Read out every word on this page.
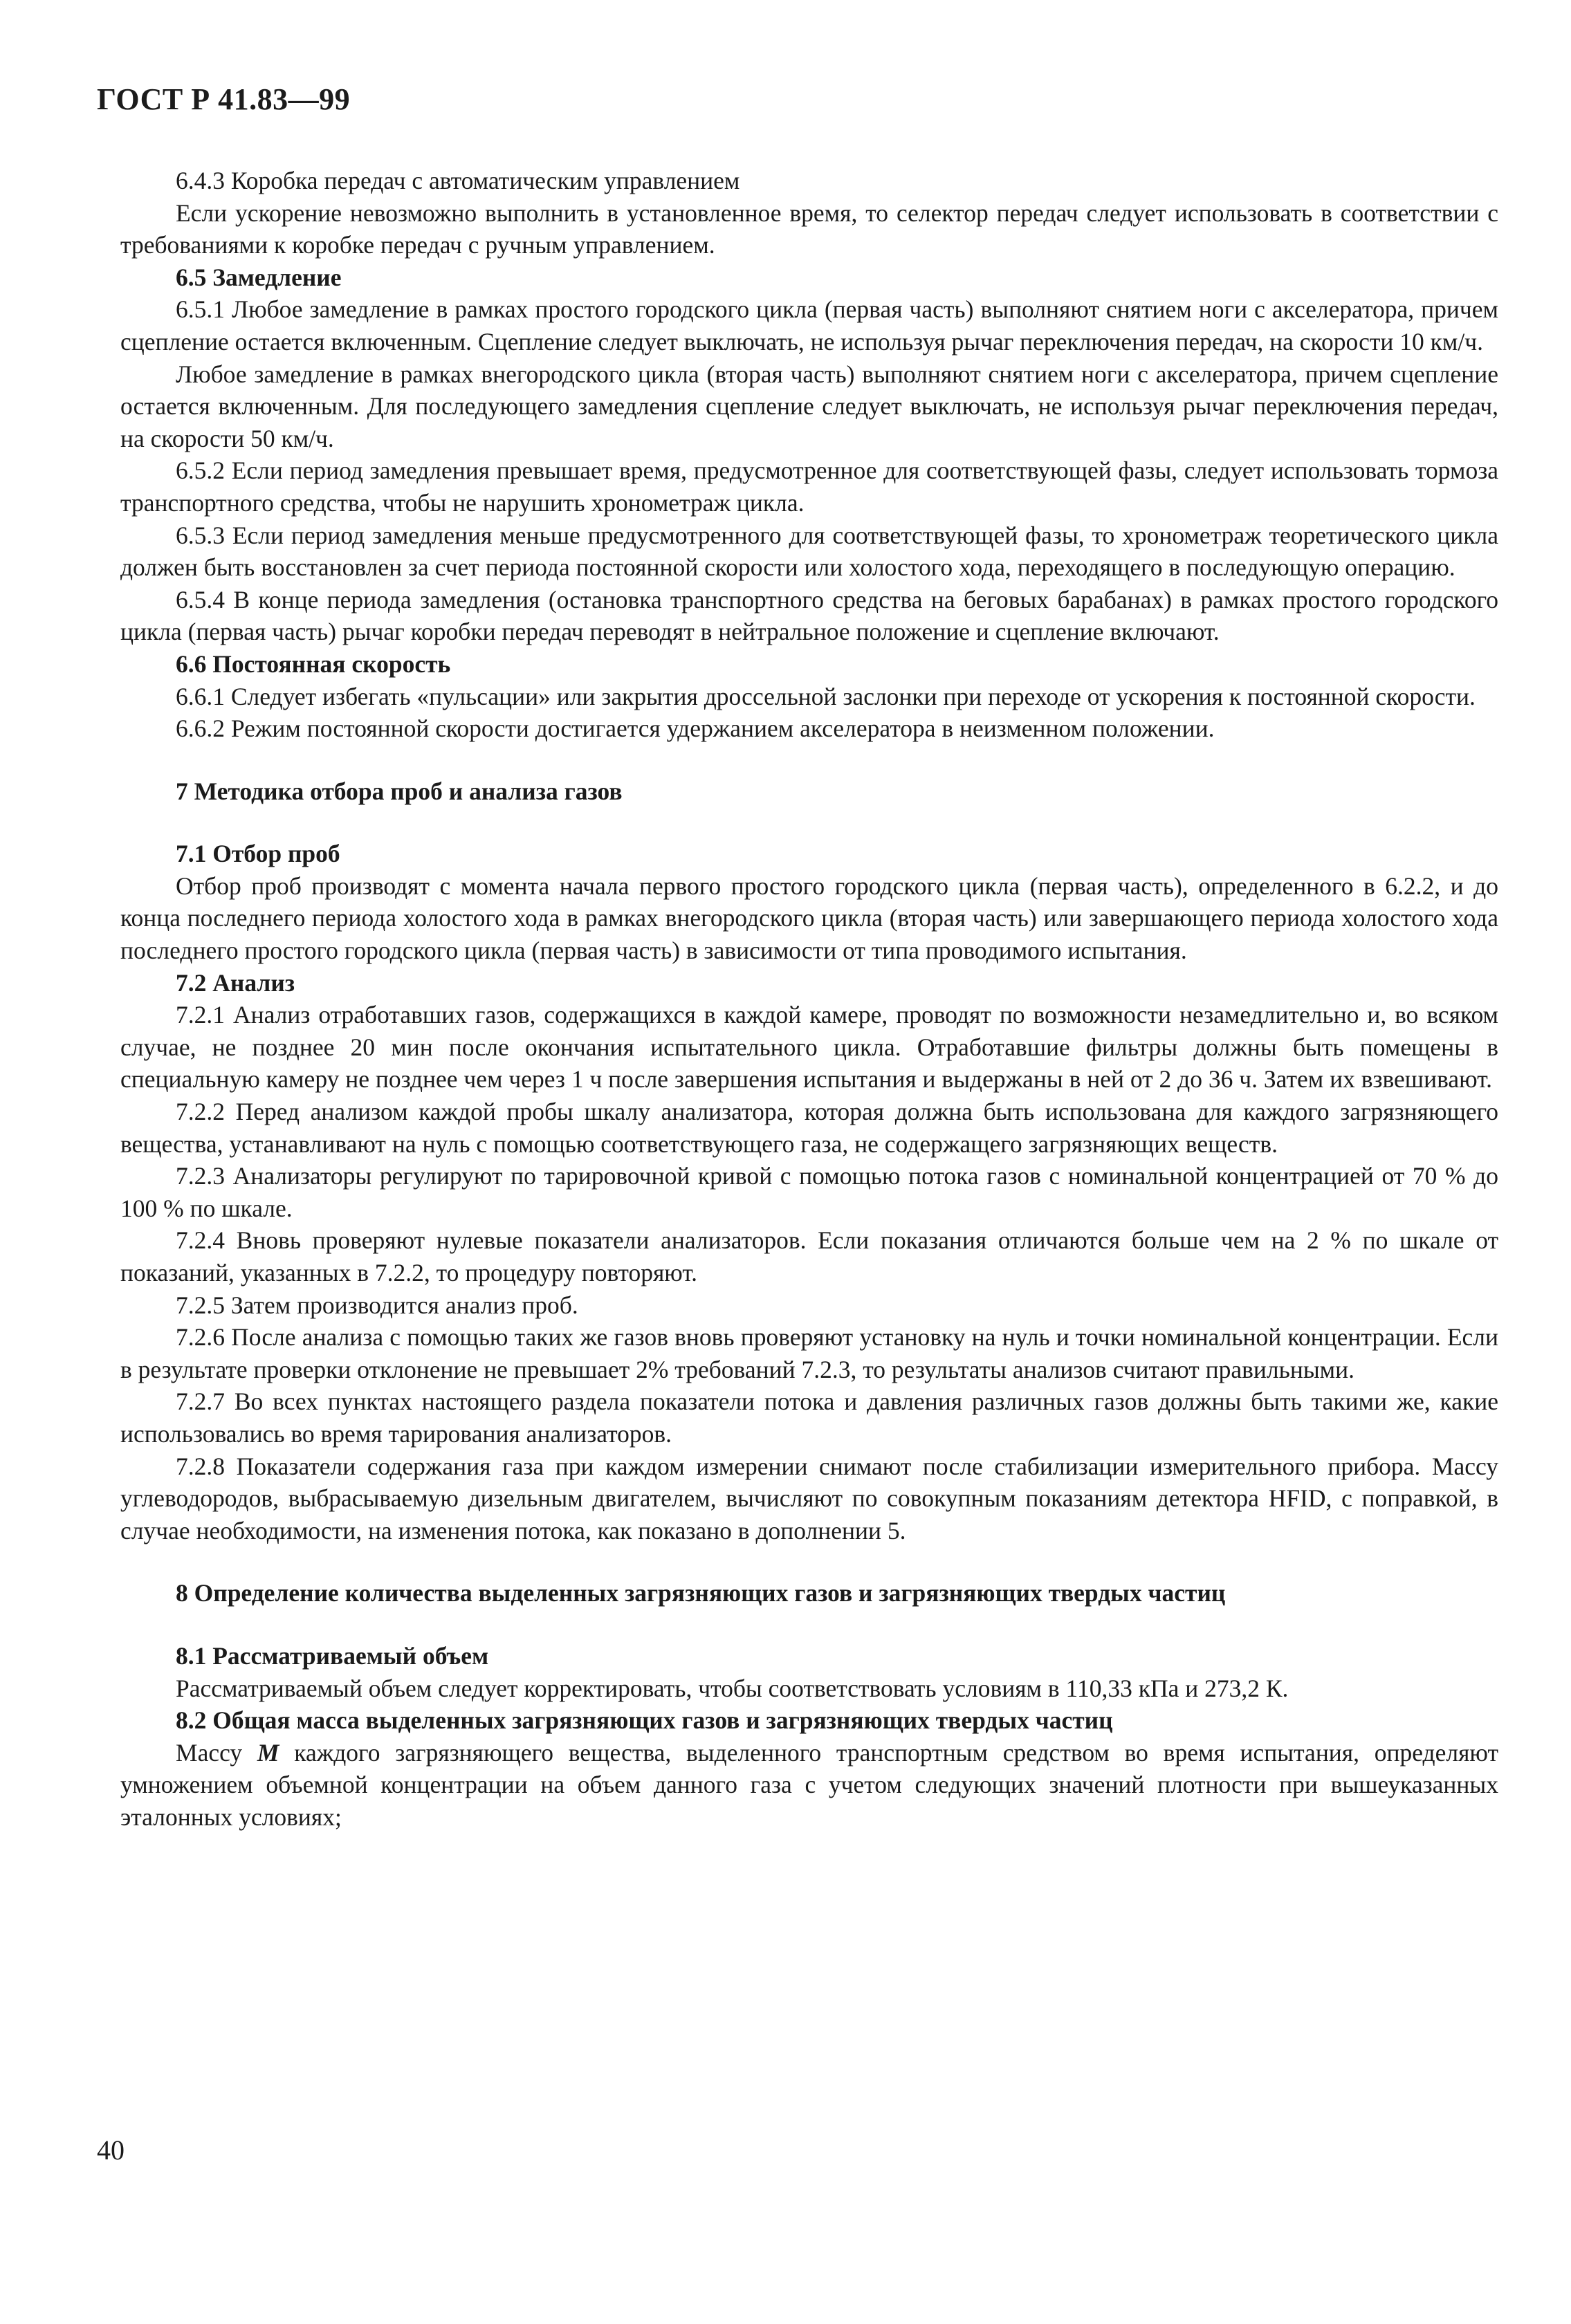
ГОСТ Р 41.83—99

6.4.3 Коробка передач с автоматическим управлением

Если ускорение невозможно выполнить в установленное время, то селектор передач следует использовать в соответствии с требованиями к коробке передач с ручным управлением.

6.5 Замедление

6.5.1 Любое замедление в рамках простого городского цикла (первая часть) выполняют снятием ноги с акселератора, причем сцепление остается включенным. Сцепление следует выключать, не используя рычаг переключения передач, на скорости 10 км/ч.

Любое замедление в рамках внегородского цикла (вторая часть) выполняют снятием ноги с акселератора, причем сцепление остается включенным. Для последующего замедления сцепление следует выключать, не используя рычаг переключения передач, на скорости 50 км/ч.

6.5.2 Если период замедления превышает время, предусмотренное для соответствующей фазы, следует использовать тормоза транспортного средства, чтобы не нарушить хронометраж цикла.

6.5.3 Если период замедления меньше предусмотренного для соответствующей фазы, то хронометраж теоретического цикла должен быть восстановлен за счет периода постоянной скорости или холостого хода, переходящего в последующую операцию.

6.5.4 В конце периода замедления (остановка транспортного средства на беговых барабанах) в рамках простого городского цикла (первая часть) рычаг коробки передач переводят в нейтральное положение и сцепление включают.

6.6 Постоянная скорость

6.6.1 Следует избегать «пульсации» или закрытия дроссельной заслонки при переходе от ускорения к постоянной скорости.

6.6.2 Режим постоянной скорости достигается удержанием акселератора в неизменном положении.

7 Методика отбора проб и анализа газов

7.1 Отбор проб

Отбор проб производят с момента начала первого простого городского цикла (первая часть), определенного в 6.2.2, и до конца последнего периода холостого хода в рамках внегородского цикла (вторая часть) или завершающего периода холостого хода последнего простого городского цикла (первая часть) в зависимости от типа проводимого испытания.

7.2 Анализ

7.2.1 Анализ отработавших газов, содержащихся в каждой камере, проводят по возможности незамедлительно и, во всяком случае, не позднее 20 мин после окончания испытательного цикла. Отработавшие фильтры должны быть помещены в специальную камеру не позднее чем через 1 ч после завершения испытания и выдержаны в ней от 2 до 36 ч. Затем их взвешивают.

7.2.2 Перед анализом каждой пробы шкалу анализатора, которая должна быть использована для каждого загрязняющего вещества, устанавливают на нуль с помощью соответствующего газа, не содержащего загрязняющих веществ.

7.2.3 Анализаторы регулируют по тарировочной кривой с помощью потока газов с номинальной концентрацией от 70 % до 100 % по шкале.

7.2.4 Вновь проверяют нулевые показатели анализаторов. Если показания отличаются больше чем на 2 % по шкале от показаний, указанных в 7.2.2, то процедуру повторяют.

7.2.5 Затем производится анализ проб.

7.2.6 После анализа с помощью таких же газов вновь проверяют установку на нуль и точки номинальной концентрации. Если в результате проверки отклонение не превышает 2% требований 7.2.3, то результаты анализов считают правильными.

7.2.7 Во всех пунктах настоящего раздела показатели потока и давления различных газов должны быть такими же, какие использовались во время тарирования анализаторов.

7.2.8 Показатели содержания газа при каждом измерении снимают после стабилизации измерительного прибора. Массу углеводородов, выбрасываемую дизельным двигателем, вычисляют по совокупным показаниям детектора HFID, с поправкой, в случае необходимости, на изменения потока, как показано в дополнении 5.

8 Определение количества выделенных загрязняющих газов и загрязняющих твердых частиц

8.1 Рассматриваемый объем

Рассматриваемый объем следует корректировать, чтобы соответствовать условиям в 110,33 кПа и 273,2 К.

8.2 Общая масса выделенных загрязняющих газов и загрязняющих твердых частиц

Массу M каждого загрязняющего вещества, выделенного транспортным средством во время испытания, определяют умножением объемной концентрации на объем данного газа с учетом следующих значений плотности при вышеуказанных эталонных условиях;

40
